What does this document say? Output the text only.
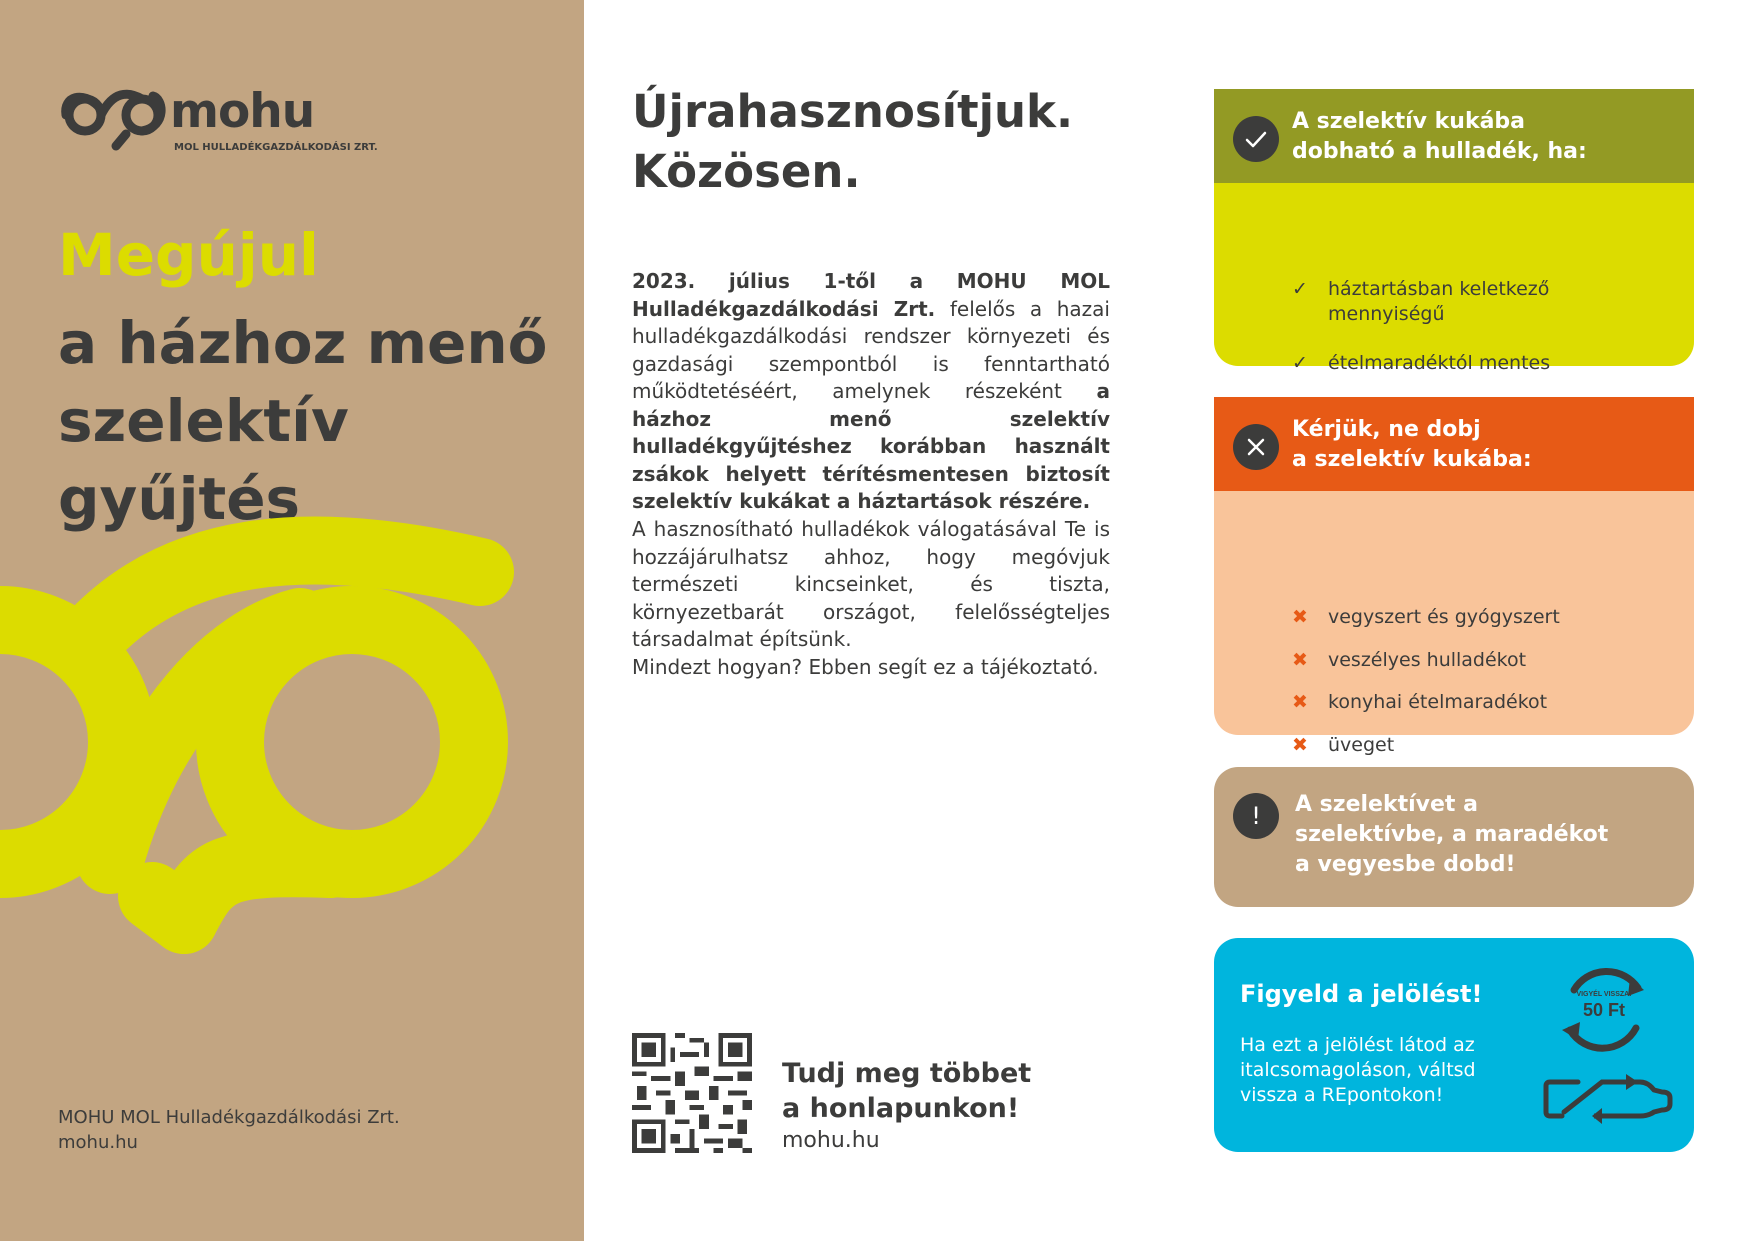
mohu
MOL HULLADÉKGAZDÁLKODÁSI ZRT.
Megújul
a házhoz menő szelektív gyűjtés
MOHU MOL Hulladékgazdálkodási Zrt.
mohu.hu
Újrahasznosítjuk.
Közösen.
2023. július 1-től a MOHU MOL Hulladékgazdálkodási Zrt. felelős a hazai hulladékgazdálkodási rendszer környezeti és gazdasági szempontból is fenntartható működtetéséért, amelynek részeként a házhoz menő szelektív hulladékgyűjtéshez korábban használt zsákok helyett térítésmentesen biztosít szelektív kukákat a háztartások részére.
A hasznosítható hulladékok válogatásával Te is hozzájárulhatsz ahhoz, hogy megóvjuk természeti kincseinket, és tiszta, környezetbarát országot, felelősségteljes társadalmat építsünk.
Mindezt hogyan? Ebben segít ez a tájékoztató.
Tudj meg többet
a honlapunkon!
mohu.hu
A szelektív kukába
dobható a hulladék, ha:
✓ háztartásban keletkező mennyiségű
✓ ételmaradéktól mentes
Kérjük, ne dobj
a szelektív kukába:
✖ vegyszert és gyógyszert
✖ veszélyes hulladékot
✖ konyhai ételmaradékot
✖ üveget
!	A szelektívet a
szelektívbe, a maradékot
a vegyesbe dobd!
Figyeld a jelölést!
Ha ezt a jelölést látod az italcsomagoláson, váltsd vissza a REpontokon!
VIGYÉL VISSZA!
50 Ft
